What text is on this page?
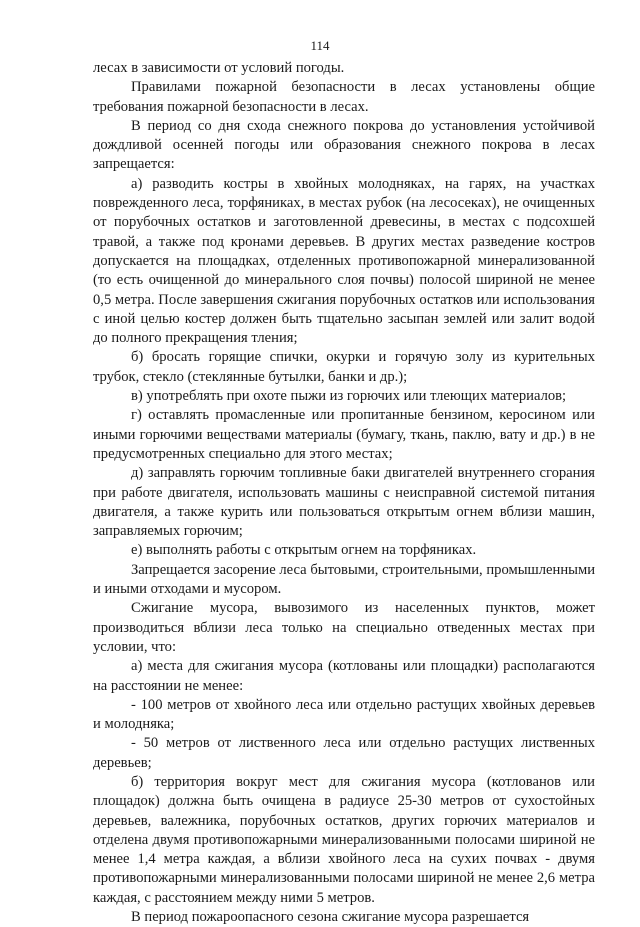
114

лесах в зависимости от условий погоды.

Правилами пожарной безопасности в лесах установлены общие требования пожарной безопасности в лесах.

В период со дня схода снежного покрова до установления устойчивой дождливой осенней погоды или образования снежного покрова в лесах запрещается:

а) разводить костры в хвойных молодняках, на гарях, на участках поврежденного леса, торфяниках, в местах рубок (на лесосеках), не очищенных от порубочных остатков и заготовленной древесины, в местах с подсохшей травой, а также под кронами деревьев. В других местах разведение костров допускается на площадках, отделенных противопожарной минерализованной (то есть очищенной до минерального слоя почвы) полосой шириной не менее 0,5 метра. После завершения сжигания порубочных остатков или использования с иной целью костер должен быть тщательно засыпан землей или залит водой до полного прекращения тления;

б) бросать горящие спички, окурки и горячую золу из курительных трубок, стекло (стеклянные бутылки, банки и др.);

в) употреблять при охоте пыжи из горючих или тлеющих материалов;

г) оставлять промасленные или пропитанные бензином, керосином или иными горючими веществами материалы (бумагу, ткань, паклю, вату и др.) в не предусмотренных специально для этого местах;

д) заправлять горючим топливные баки двигателей внутреннего сгорания при работе двигателя, использовать машины с неисправной системой питания двигателя, а также курить или пользоваться открытым огнем вблизи машин, заправляемых горючим;

е) выполнять работы с открытым огнем на торфяниках.

Запрещается засорение леса бытовыми, строительными, промышленными и иными отходами и мусором.

Сжигание мусора, вывозимого из населенных пунктов, может производиться вблизи леса только на специально отведенных местах при условии, что:

а) места для сжигания мусора (котлованы или площадки) располагаются на расстоянии не менее:

- 100 метров от хвойного леса или отдельно растущих хвойных деревьев и молодняка;

- 50 метров от лиственного леса или отдельно растущих лиственных деревьев;

б) территория вокруг мест для сжигания мусора (котлованов или площадок) должна быть очищена в радиусе 25-30 метров от сухостойных деревьев, валежника, порубочных остатков, других горючих материалов и отделена двумя противопожарными минерализованными полосами шириной не менее 1,4 метра каждая, а вблизи хвойного леса на сухих почвах - двумя противопожарными минерализованными полосами шириной не менее 2,6 метра каждая, с расстоянием между ними 5 метров.

В период пожароопасного сезона сжигание мусора разрешается
